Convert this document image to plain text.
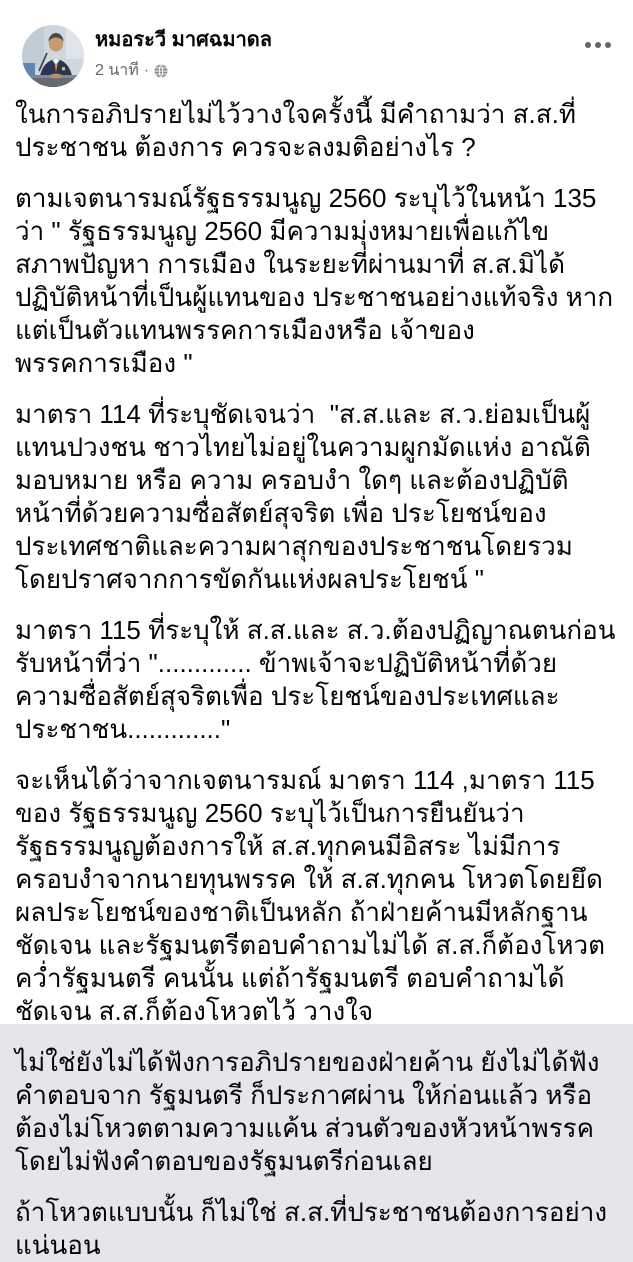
หมอระวี มาศฉมาดล
2 นาที ·

ในการอภิปรายไม่ไว้วางใจครั้งนี้ มีคำถามว่า ส.ส.ที่ประชาชน ต้องการ ควรจะลงมติอย่างไร ?

ตามเจตนารมณ์รัฐธรรมนูญ 2560 ระบุไว้ในหน้า 135 ว่า " รัฐธรรมนูญ 2560 มีความมุ่งหมายเพื่อแก้ไข สภาพปัญหา การเมือง ในระยะที่ผ่านมาที่ ส.ส.มิได้ปฏิบัติหน้าที่เป็นผู้แทนของ ประชาชนอย่างแท้จริง หากแต่เป็นตัวแทนพรรคการเมืองหรือ เจ้าของพรรคการเมือง "

มาตรา 114 ที่ระบุชัดเจนว่า  "ส.ส.และ ส.ว.ย่อมเป็นผู้แทนปวงชน ชาวไทยไม่อยู่ในความผูกมัดแห่ง อาณัติมอบหมาย หรือ ความ ครอบงำ ใดๆ และต้องปฏิบัติหน้าที่ด้วยความซื่อสัตย์สุจริต เพื่อ ประโยชน์ของประเทศชาติและความผาสุกของประชาชนโดยรวม โดยปราศจากการขัดกันแห่งผลประโยชน์ "

มาตรา 115 ที่ระบุให้ ส.ส.และ ส.ว.ต้องปฏิญาณตนก่อนรับหน้าที่ว่า "............. ข้าพเจ้าจะปฏิบัติหน้าที่ด้วยความซื่อสัตย์สุจริตเพื่อ ประโยชน์ของประเทศและประชาชน............."

จะเห็นได้ว่าจากเจตนารมณ์ มาตรา 114 ,มาตรา 115 ของ รัฐธรรมนูญ 2560 ระบุไว้เป็นการยืนยันว่ารัฐธรรมนูญต้องการให้ ส.ส.ทุกคนมีอิสระ ไม่มีการครอบงำจากนายทุนพรรค ให้ ส.ส.ทุกคน โหวตโดยยึดผลประโยชน์ของชาติเป็นหลัก ถ้าฝ่ายค้านมีหลักฐาน ชัดเจน และรัฐมนตรีตอบคำถามไม่ได้ ส.ส.ก็ต้องโหวตคว่ำรัฐมนตรี คนนั้น แต่ถ้ารัฐมนตรี ตอบคำถามได้ชัดเจน ส.ส.ก็ต้องโหวตไว้ วางใจ

ไม่ใช่ยังไม่ได้ฟังการอภิปรายของฝ่ายค้าน ยังไม่ได้ฟังคำตอบจาก รัฐมนตรี ก็ประกาศผ่าน ให้ก่อนแล้ว หรือต้องไม่โหวตตามความแค้น ส่วนตัวของหัวหน้าพรรค โดยไม่ฟังคำตอบของรัฐมนตรีก่อนเลย

ถ้าโหวตแบบนั้น ก็ไม่ใช่ ส.ส.ที่ประชาชนต้องการอย่างแน่นอน
